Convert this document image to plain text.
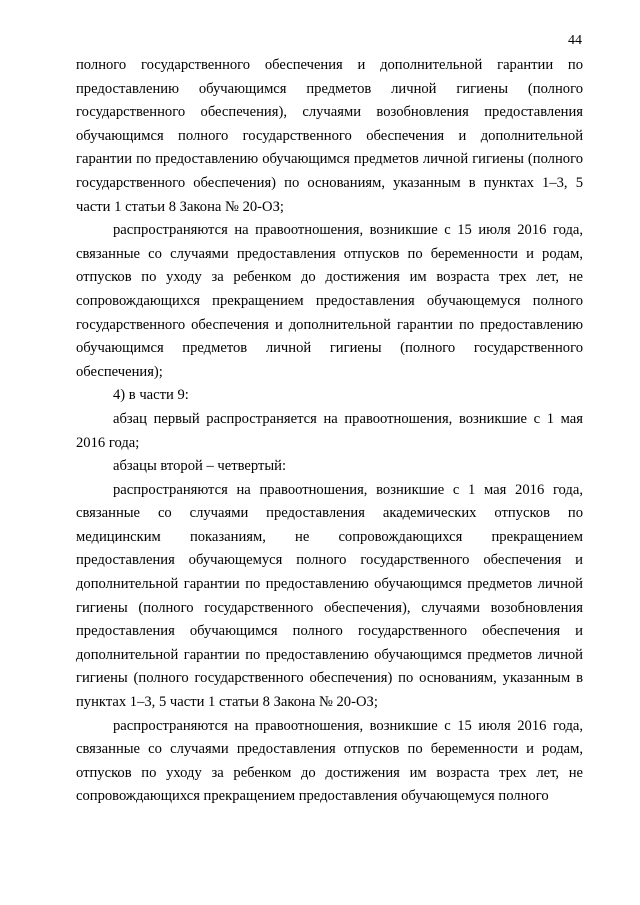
44

полного государственного обеспечения и дополнительной гарантии по предоставлению обучающимся предметов личной гигиены (полного государственного обеспечения), случаями возобновления предоставления обучающимся полного государственного обеспечения и дополнительной гарантии по предоставлению обучающимся предметов личной гигиены (полного государственного обеспечения) по основаниям, указанным в пунктах 1–3, 5 части 1 статьи 8 Закона № 20-ОЗ;

распространяются на правоотношения, возникшие с 15 июля 2016 года, связанные со случаями предоставления отпусков по беременности и родам, отпусков по уходу за ребенком до достижения им возраста трех лет, не сопровождающихся прекращением предоставления обучающемуся полного государственного обеспечения и дополнительной гарантии по предоставлению обучающимся предметов личной гигиены (полного государственного обеспечения);

4) в части 9:

абзац первый распространяется на правоотношения, возникшие с 1 мая 2016 года;

абзацы второй – четвертый:

распространяются на правоотношения, возникшие с 1 мая 2016 года, связанные со случаями предоставления академических отпусков по медицинским показаниям, не сопровождающихся прекращением предоставления обучающемуся полного государственного обеспечения и дополнительной гарантии по предоставлению обучающимся предметов личной гигиены (полного государственного обеспечения), случаями возобновления предоставления обучающимся полного государственного обеспечения и дополнительной гарантии по предоставлению обучающимся предметов личной гигиены (полного государственного обеспечения) по основаниям, указанным в пунктах 1–3, 5 части 1 статьи 8 Закона № 20-ОЗ;

распространяются на правоотношения, возникшие с 15 июля 2016 года, связанные со случаями предоставления отпусков по беременности и родам, отпусков по уходу за ребенком до достижения им возраста трех лет, не сопровождающихся прекращением предоставления обучающемуся полного
